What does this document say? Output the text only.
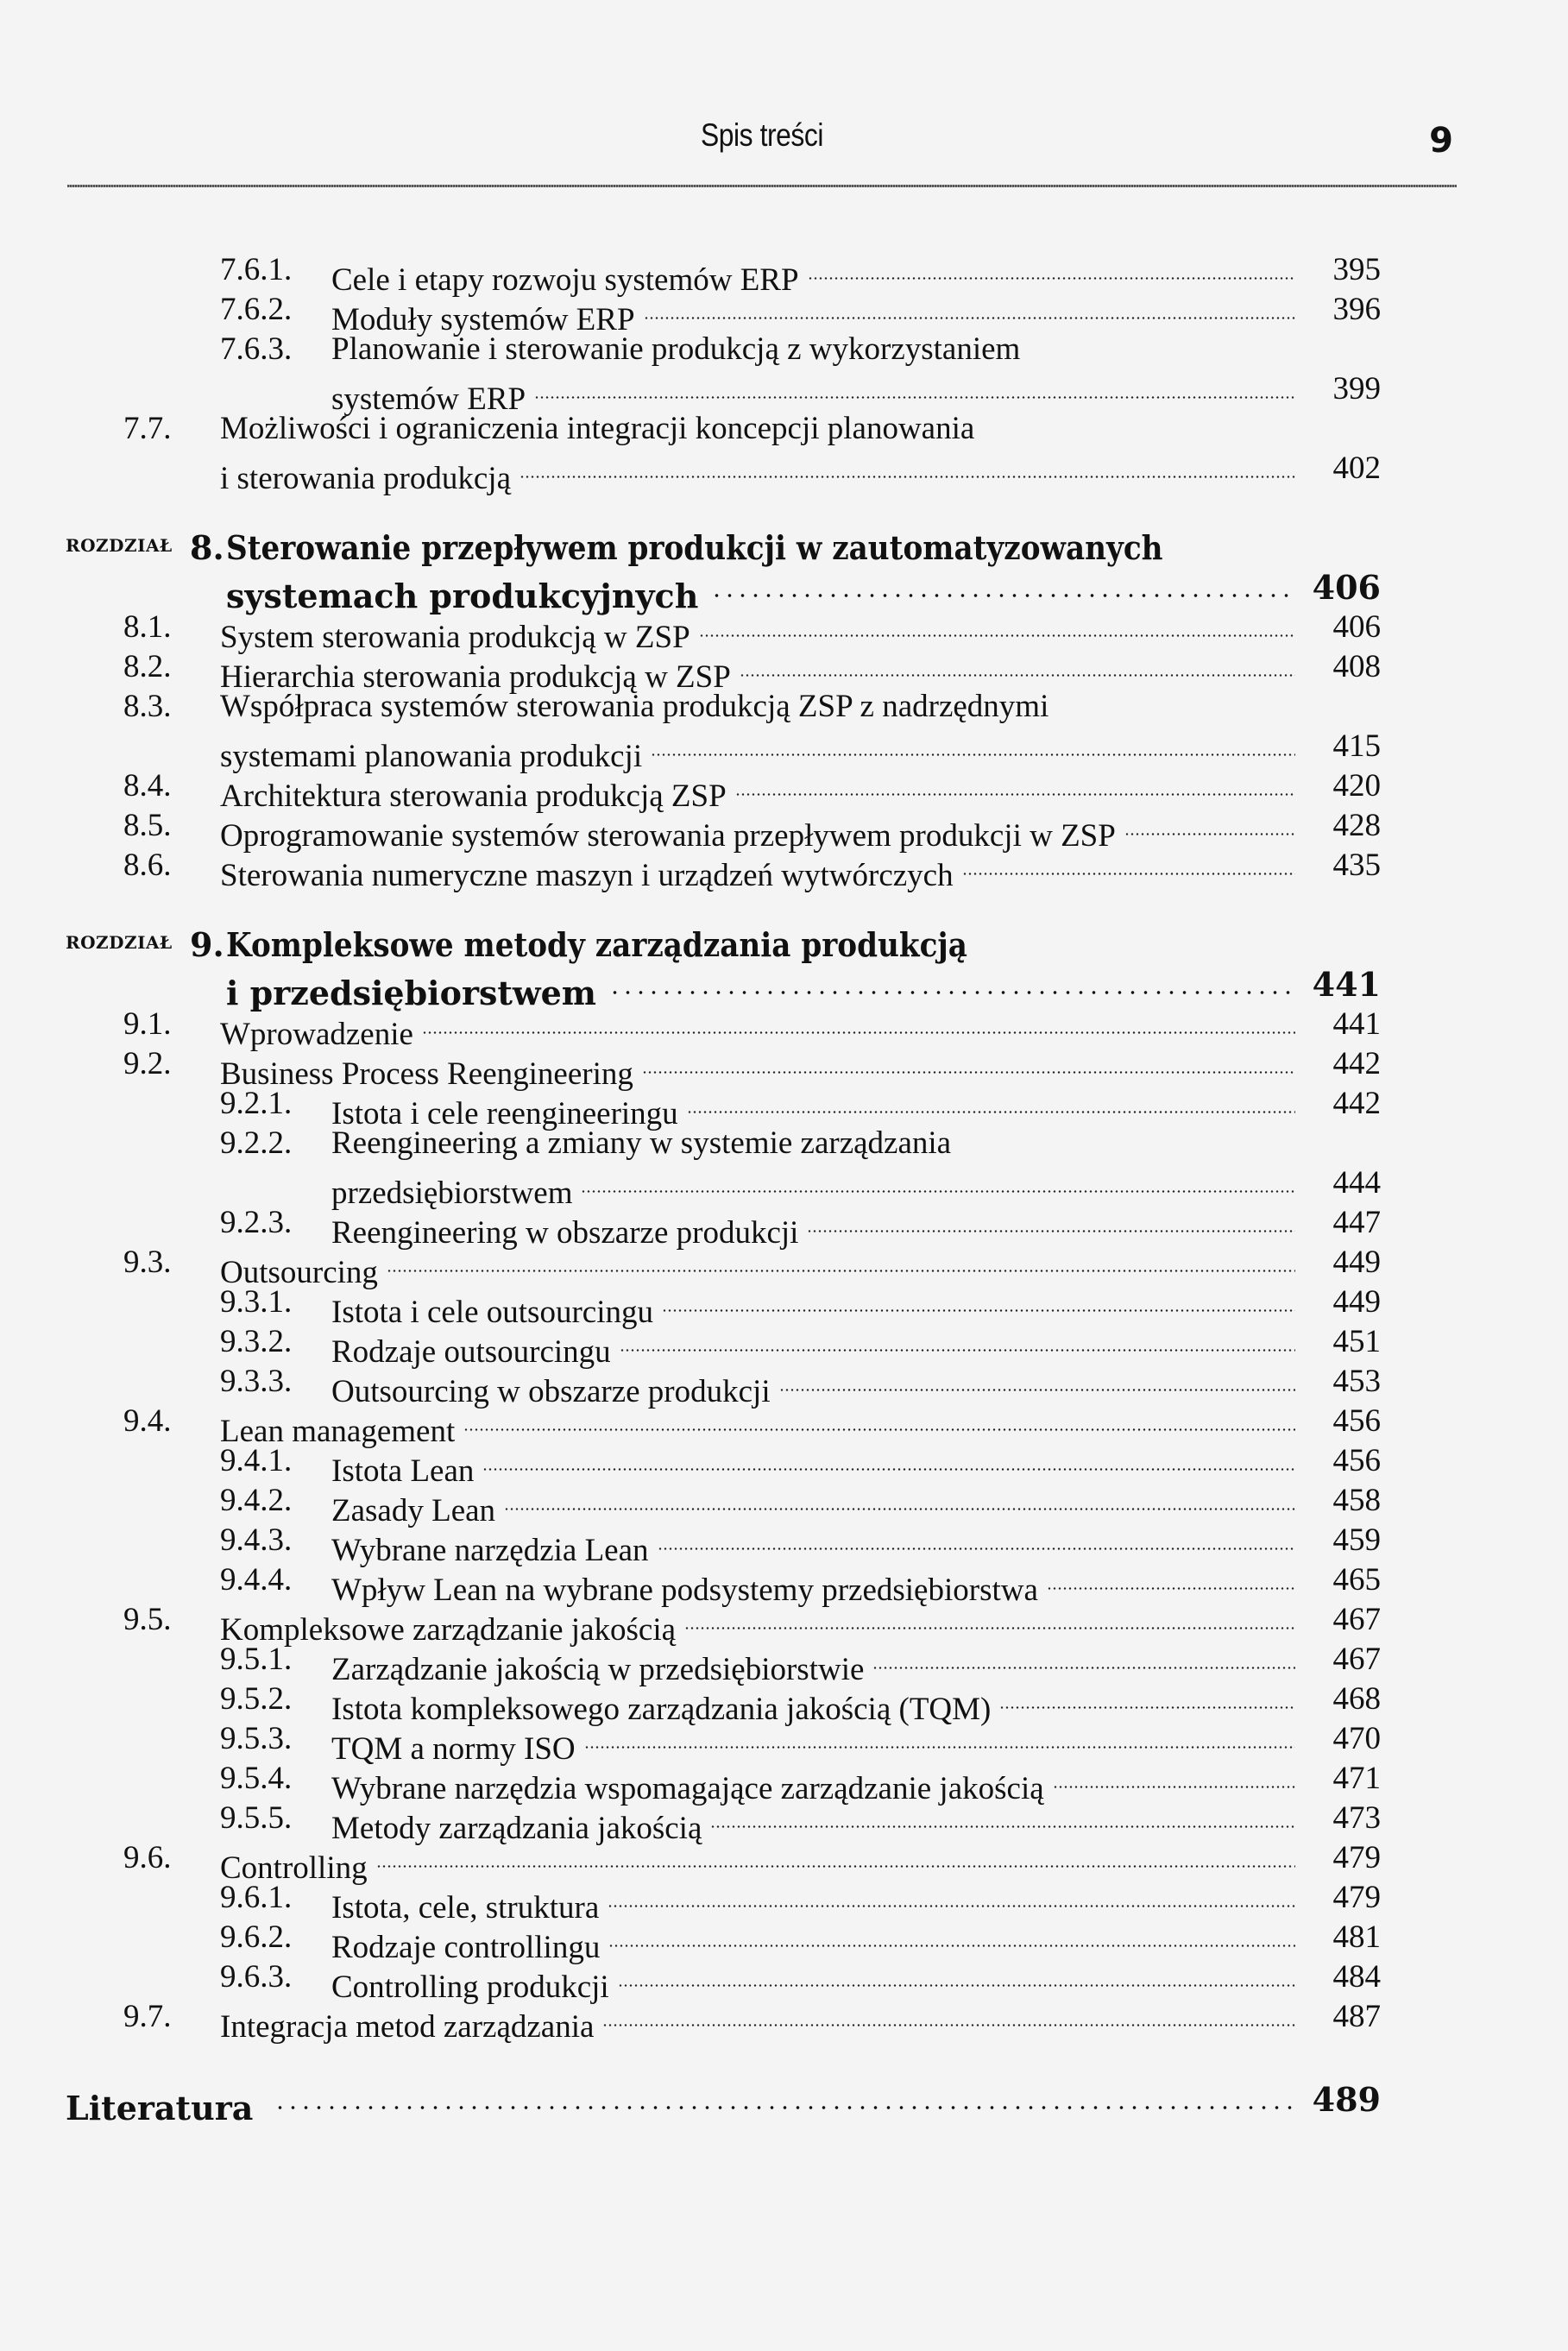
Spis treści	9
7.6.1. Cele i etapy rozwoju systemów ERP	395
7.6.2. Moduły systemów ERP	396
7.6.3. Planowanie i sterowanie produkcją z wykorzystaniem
systemów ERP	399
7.7. Możliwości i ograniczenia integracji koncepcji planowania
i sterowania produkcją	402
ROZDZIAŁ 8. Sterowanie przepływem produkcji w zautomatyzowanych
systemach produkcyjnych	406
8.1. System sterowania produkcją w ZSP	406
8.2. Hierarchia sterowania produkcją w ZSP	408
8.3. Współpraca systemów sterowania produkcją ZSP z nadrzędnymi
systemami planowania produkcji	415
8.4. Architektura sterowania produkcją ZSP	420
8.5. Oprogramowanie systemów sterowania przepływem produkcji w ZSP	428
8.6. Sterowania numeryczne maszyn i urządzeń wytwórczych	435
ROZDZIAŁ 9. Kompleksowe metody zarządzania produkcją
i przedsiębiorstwem	441
9.1. Wprowadzenie	441
9.2. Business Process Reengineering	442
9.2.1. Istota i cele reengineeringu	442
9.2.2. Reengineering a zmiany w systemie zarządzania
przedsiębiorstwem	444
9.2.3. Reengineering w obszarze produkcji	447
9.3. Outsourcing	449
9.3.1. Istota i cele outsourcingu	449
9.3.2. Rodzaje outsourcingu	451
9.3.3. Outsourcing w obszarze produkcji	453
9.4. Lean management	456
9.4.1. Istota Lean	456
9.4.2. Zasady Lean	458
9.4.3. Wybrane narzędzia Lean	459
9.4.4. Wpływ Lean na wybrane podsystemy przedsiębiorstwa	465
9.5. Kompleksowe zarządzanie jakością	467
9.5.1. Zarządzanie jakością w przedsiębiorstwie	467
9.5.2. Istota kompleksowego zarządzania jakością (TQM)	468
9.5.3. TQM a normy ISO	470
9.5.4. Wybrane narzędzia wspomagające zarządzanie jakością	471
9.5.5. Metody zarządzania jakością	473
9.6. Controlling	479
9.6.1. Istota, cele, struktura	479
9.6.2. Rodzaje controllingu	481
9.6.3. Controlling produkcji	484
9.7. Integracja metod zarządzania	487
Literatura	489
